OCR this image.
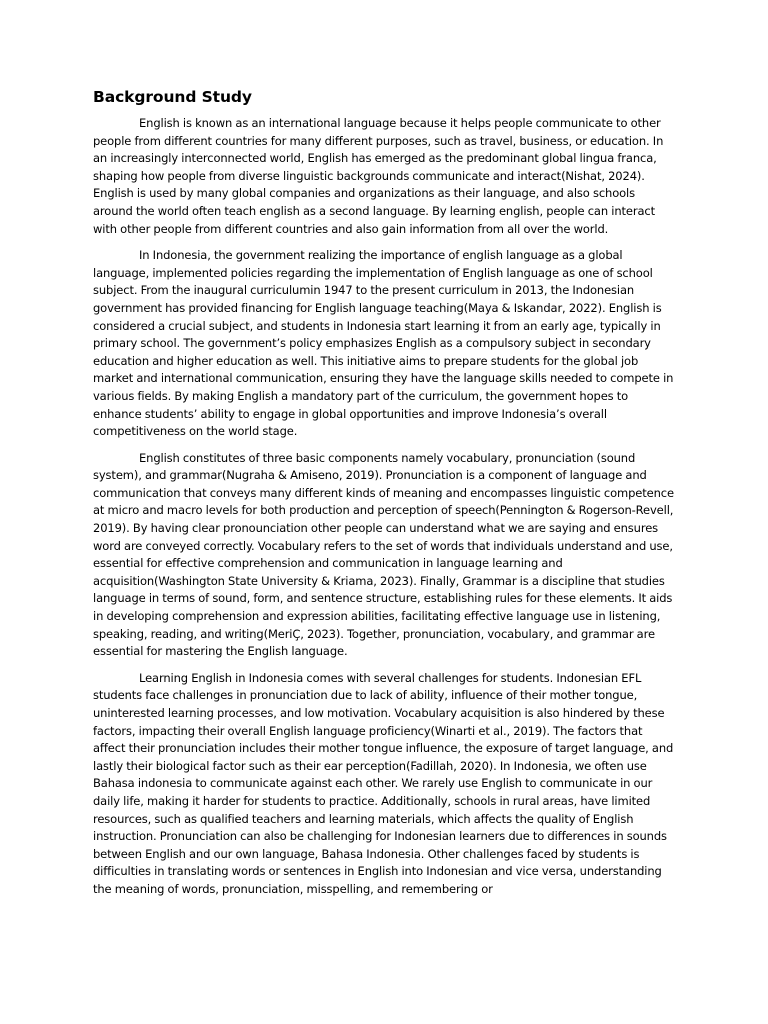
Background Study

English is known as an international language because it helps people communicate to other people from different countries for many different purposes, such as travel, business, or education. In an increasingly interconnected world, English has emerged as the predominant global lingua franca, shaping how people from diverse linguistic backgrounds communicate and interact(Nishat, 2024). English is used by many global companies and organizations as their language, and also schools around the world often teach english as a second language. By learning english, people can interact with other people from different countries and also gain information from all over the world.

In Indonesia, the government realizing the importance of english language as a global language, implemented policies regarding the implementation of English language as one of school subject. From the inaugural curriculumin 1947 to the present curriculum in 2013, the Indonesian government has provided financing for English language teaching(Maya & Iskandar, 2022). English is considered a crucial subject, and students in Indonesia start learning it from an early age, typically in primary school. The government’s policy emphasizes English as a compulsory subject in secondary education and higher education as well. This initiative aims to prepare students for the global job market and international communication, ensuring they have the language skills needed to compete in various fields. By making English a mandatory part of the curriculum, the government hopes to enhance students’ ability to engage in global opportunities and improve Indonesia’s overall competitiveness on the world stage.

English constitutes of three basic components namely vocabulary, pronunciation (sound system), and grammar(Nugraha & Amiseno, 2019). Pronunciation is a component of language and communication that conveys many different kinds of meaning and encompasses linguistic competence at micro and macro levels for both production and perception of speech(Pennington & Rogerson-Revell, 2019). By having clear pronounciation other people can understand what we are saying and ensures word are conveyed correctly. Vocabulary refers to the set of words that individuals understand and use, essential for effective comprehension and communication in language learning and acquisition(Washington State University & Kriama, 2023). Finally, Grammar is a discipline that studies language in terms of sound, form, and sentence structure, establishing rules for these elements. It aids in developing comprehension and expression abilities, facilitating effective language use in listening, speaking, reading, and writing(Meri̇Ç, 2023). Together, pronunciation, vocabulary, and grammar are essential for mastering the English language.

Learning English in Indonesia comes with several challenges for students. Indonesian EFL students face challenges in pronunciation due to lack of ability, influence of their mother tongue, uninterested learning processes, and low motivation. Vocabulary acquisition is also hindered by these factors, impacting their overall English language proficiency(Winarti et al., 2019). The factors that affect their pronunciation includes their mother tongue influence, the exposure of target language, and lastly their biological factor such as their ear perception(Fadillah, 2020). In Indonesia, we often use Bahasa indonesia to communicate against each other. We rarely use English to communicate in our daily life, making it harder for students to practice. Additionally, schools in rural areas, have limited resources, such as qualified teachers and learning materials, which affects the quality of English instruction. Pronunciation can also be challenging for Indonesian learners due to differences in sounds between English and our own language, Bahasa Indonesia. Other challenges faced by students is difficulties in translating words or sentences in English into Indonesian and vice versa, understanding the meaning of words, pronunciation, misspelling, and remembering or
